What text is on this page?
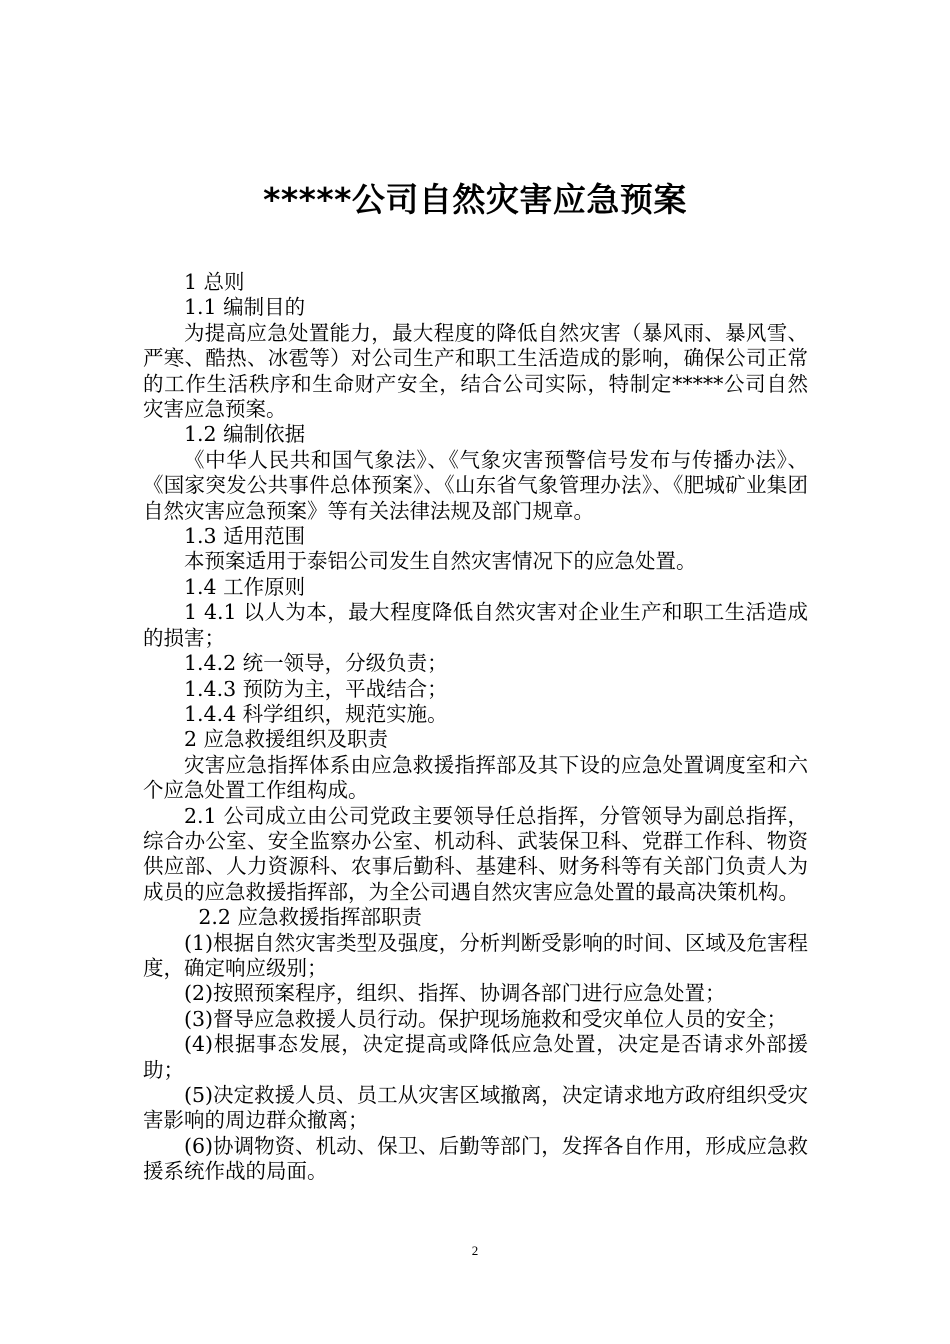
*****公司自然灾害应急预案

1 总则

1.1 编制目的

为提高应急处置能力，最大程度的降低自然灾害（暴风雨、暴风雪、严寒、酷热、冰雹等）对公司生产和职工生活造成的影响，确保公司正常的工作生活秩序和生命财产安全，结合公司实际，特制定*****公司自然灾害应急预案。

1.2 编制依据

《中华人民共和国气象法》、《气象灾害预警信号发布与传播办法》、《国家突发公共事件总体预案》、《山东省气象管理办法》、《肥城矿业集团自然灾害应急预案》等有关法律法规及部门规章。

1.3 适用范围

本预案适用于泰铝公司发生自然灾害情况下的应急处置。

1.4 工作原则

1 4.1 以人为本，最大程度降低自然灾害对企业生产和职工生活造成的损害；

1.4.2 统一领导，分级负责；

1.4.3 预防为主，平战结合；

1.4.4 科学组织，规范实施。

2 应急救援组织及职责

灾害应急指挥体系由应急救援指挥部及其下设的应急处置调度室和六个应急处置工作组构成。

2.1 公司成立由公司党政主要领导任总指挥，分管领导为副总指挥，综合办公室、安全监察办公室、机动科、武装保卫科、党群工作科、物资供应部、人力资源科、农事后勤科、基建科、财务科等有关部门负责人为成员的应急救援指挥部，为全公司遇自然灾害应急处置的最高决策机构。

2.2 应急救援指挥部职责

(1)根据自然灾害类型及强度，分析判断受影响的时间、区域及危害程度，确定响应级别；

(2)按照预案程序，组织、指挥、协调各部门进行应急处置；

(3)督导应急救援人员行动。保护现场施救和受灾单位人员的安全；

(4)根据事态发展，决定提高或降低应急处置，决定是否请求外部援助；

(5)决定救援人员、员工从灾害区域撤离，决定请求地方政府组织受灾害影响的周边群众撤离；

(6)协调物资、机动、保卫、后勤等部门，发挥各自作用，形成应急救援系统作战的局面。

2
